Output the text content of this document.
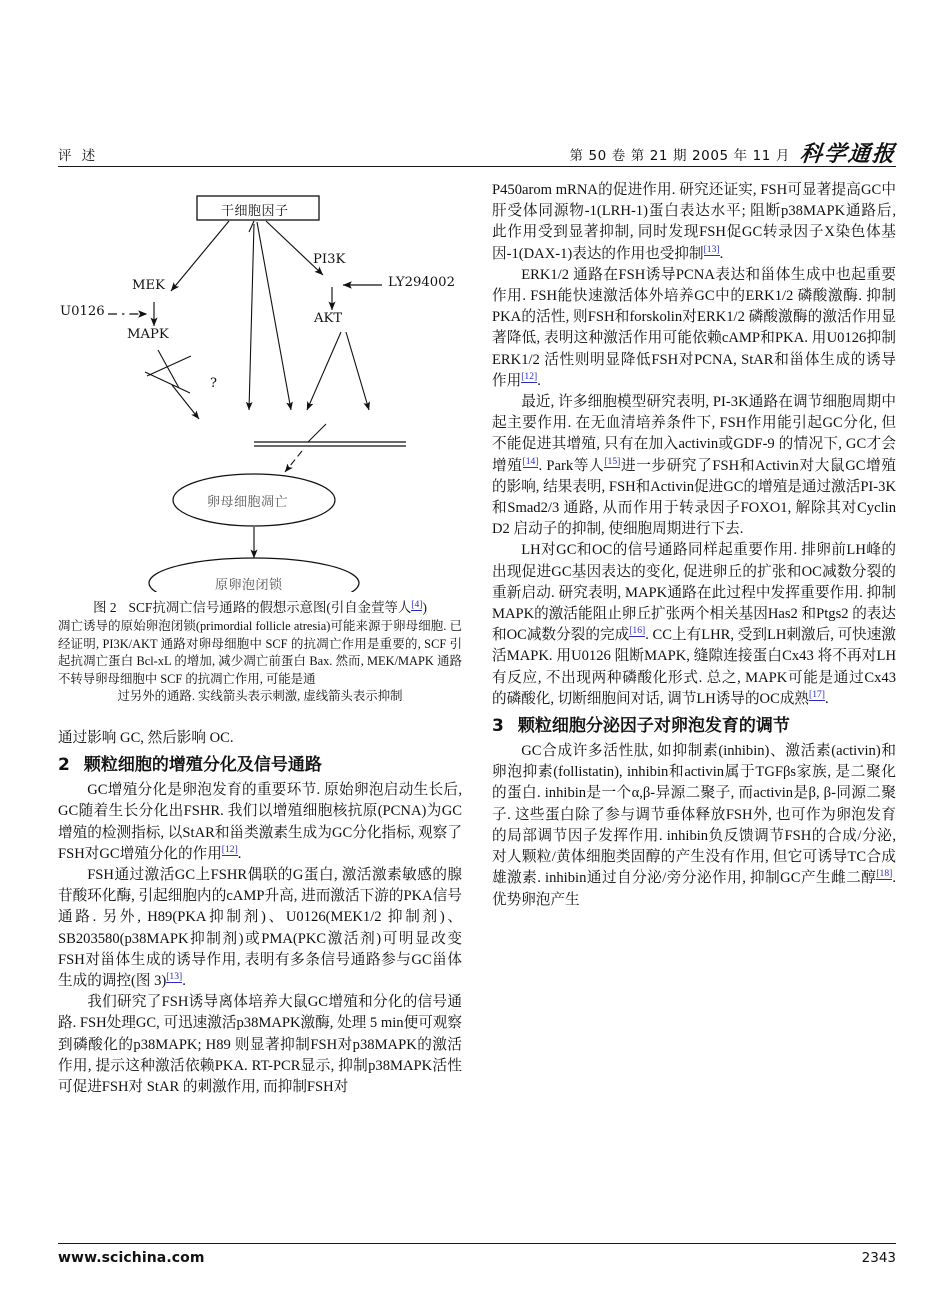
评 述	第 50 卷 第 21 期 2005 年 11 月 科学通报
干细胞因子
MEK
MAPK
U0126
PI3K
AKT
LY294002
?
卵母细胞凋亡
原卵泡闭锁
图 2 SCF抗凋亡信号通路的假想示意图(引自金萱等人[4])
凋亡诱导的原始卵泡闭锁(primordial follicle atresia)可能来源于卵母细胞. 已经证明, PI3K/AKT 通路对卵母细胞中 SCF 的抗凋亡作用是重要的, SCF 引起抗凋亡蛋白 Bcl-xL 的增加, 减少凋亡前蛋白 Bax. 然而, MEK/MAPK 通路不转导卵母细胞中 SCF 的抗凋亡作用, 可能是通
过另外的通路. 实线箭头表示刺激, 虚线箭头表示抑制

通过影响 GC, 然后影响 OC.

2 颗粒细胞的增殖分化及信号通路

GC增殖分化是卵泡发育的重要环节. 原始卵泡启动生长后, GC随着生长分化出FSHR. 我们以增殖细胞核抗原(PCNA)为GC增殖的检测指标, 以StAR和甾类激素生成为GC分化指标, 观察了FSH对GC增殖分化的作用[12].

FSH通过激活GC上FSHR偶联的G蛋白, 激活激素敏感的腺苷酸环化酶, 引起细胞内的cAMP升高, 进而激活下游的PKA信号通路. 另外, H89(PKA抑制剂)、U0126(MEK1/2 抑制剂)、SB203580(p38MAPK抑制剂)或PMA(PKC激活剂)可明显改变FSH对甾体生成的诱导作用, 表明有多条信号通路参与GC甾体生成的调控(图 3)[13].

我们研究了FSH诱导离体培养大鼠GC增殖和分化的信号通路. FSH处理GC, 可迅速激活p38MAPK激酶, 处理 5 min便可观察到磷酸化的p38MAPK; H89 则显著抑制FSH对p38MAPK的激活作用, 提示这种激活依赖PKA. RT-PCR显示, 抑制p38MAPK活性可促进FSH对 StAR 的刺激作用, 而抑制FSH对

P450arom mRNA的促进作用. 研究还证实, FSH可显著提高GC中肝受体同源物-1(LRH-1)蛋白表达水平; 阻断p38MAPK通路后, 此作用受到显著抑制, 同时发现FSH促GC转录因子X染色体基因-1(DAX-1)表达的作用也受抑制[13].

ERK1/2 通路在FSH诱导PCNA表达和甾体生成中也起重要作用. FSH能快速激活体外培养GC中的ERK1/2 磷酸激酶. 抑制PKA的活性, 则FSH和forskolin对ERK1/2 磷酸激酶的激活作用显著降低, 表明这种激活作用可能依赖cAMP和PKA. 用U0126抑制ERK1/2 活性则明显降低FSH对PCNA, StAR和甾体生成的诱导作用[12].

最近, 许多细胞模型研究表明, PI-3K通路在调节细胞周期中起主要作用. 在无血清培养条件下, FSH作用能引起GC分化, 但不能促进其增殖, 只有在加入activin或GDF-9 的情况下, GC才会增殖[14]. Park等人[15]进一步研究了FSH和Activin对大鼠GC增殖的影响, 结果表明, FSH和Activin促进GC的增殖是通过激活PI-3K和Smad2/3 通路, 从而作用于转录因子FOXO1, 解除其对Cyclin D2 启动子的抑制, 使细胞周期进行下去.

LH对GC和OC的信号通路同样起重要作用. 排卵前LH峰的出现促进GC基因表达的变化, 促进卵丘的扩张和OC减数分裂的重新启动. 研究表明, MAPK通路在此过程中发挥重要作用. 抑制MAPK的激活能阻止卵丘扩张两个相关基因Has2 和Ptgs2 的表达和OC减数分裂的完成[16]. CC上有LHR, 受到LH刺激后, 可快速激活MAPK. 用U0126 阻断MAPK, 缝隙连接蛋白Cx43 将不再对LH有反应, 不出现两种磷酸化形式. 总之, MAPK可能是通过Cx43 的磷酸化, 切断细胞间对话, 调节LH诱导的OC成熟[17].

3 颗粒细胞分泌因子对卵泡发育的调节

GC合成许多活性肽, 如抑制素(inhibin)、激活素(activin)和卵泡抑素(follistatin), inhibin和activin属于TGFβs家族, 是二聚化的蛋白. inhibin是一个α,β-异源二聚子, 而activin是β, β-同源二聚子. 这些蛋白除了参与调节垂体释放FSH外, 也可作为卵泡发育的局部调节因子发挥作用. inhibin负反馈调节FSH的合成/分泌, 对人颗粒/黄体细胞类固醇的产生没有作用, 但它可诱导TC合成雄激素. inhibin通过自分泌/旁分泌作用, 抑制GC产生雌二醇[18]. 优势卵泡产生

www.scichina.com	2343
